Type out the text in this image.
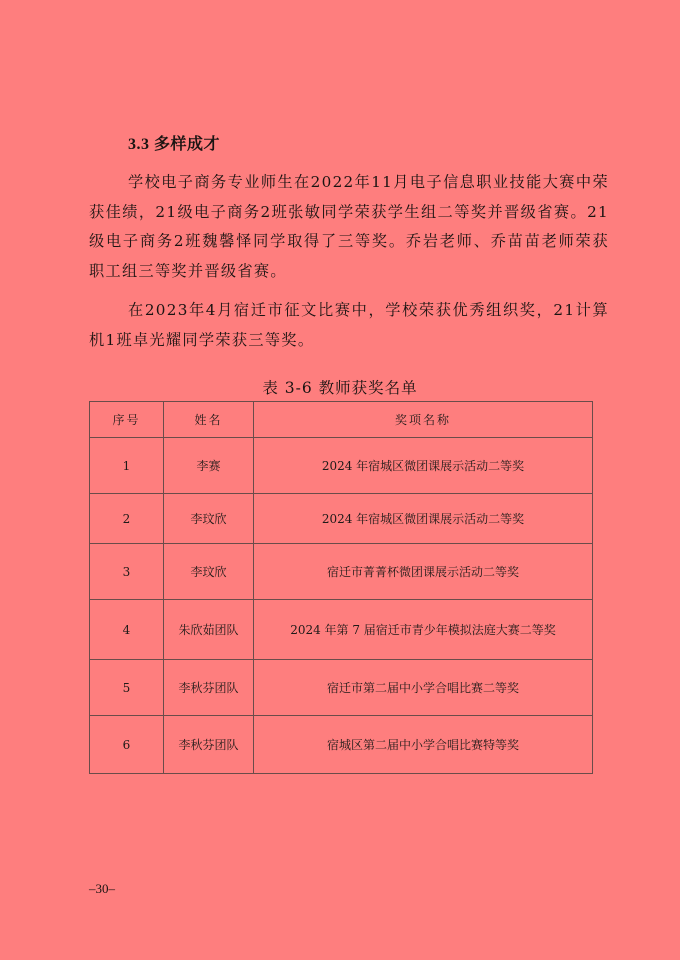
3.3 多样成才
学校电子商务专业师生在2022年11月电子信息职业技能大赛中荣获佳绩，21级电子商务2班张敏同学荣获学生组二等奖并晋级省赛。21级电子商务2班魏馨怿同学取得了三等奖。乔岩老师、乔苗苗老师荣获职工组三等奖并晋级省赛。
在2023年4月宿迁市征文比赛中，学校荣获优秀组织奖，21计算机1班卓光耀同学荣获三等奖。
表 3-6 教师获奖名单
序号	姓名	奖项名称
1	李赛	2024 年宿城区微团课展示活动二等奖
2	李玟欣	2024 年宿城区微团课展示活动二等奖
3	李玟欣	宿迁市菁菁杯微团课展示活动二等奖
4	朱欣茹团队	2024 年第 7 届宿迁市青少年模拟法庭大赛二等奖
5	李秋芬团队	宿迁市第二届中小学合唱比赛二等奖
6	李秋芬团队	宿城区第二届中小学合唱比赛特等奖
–30–
